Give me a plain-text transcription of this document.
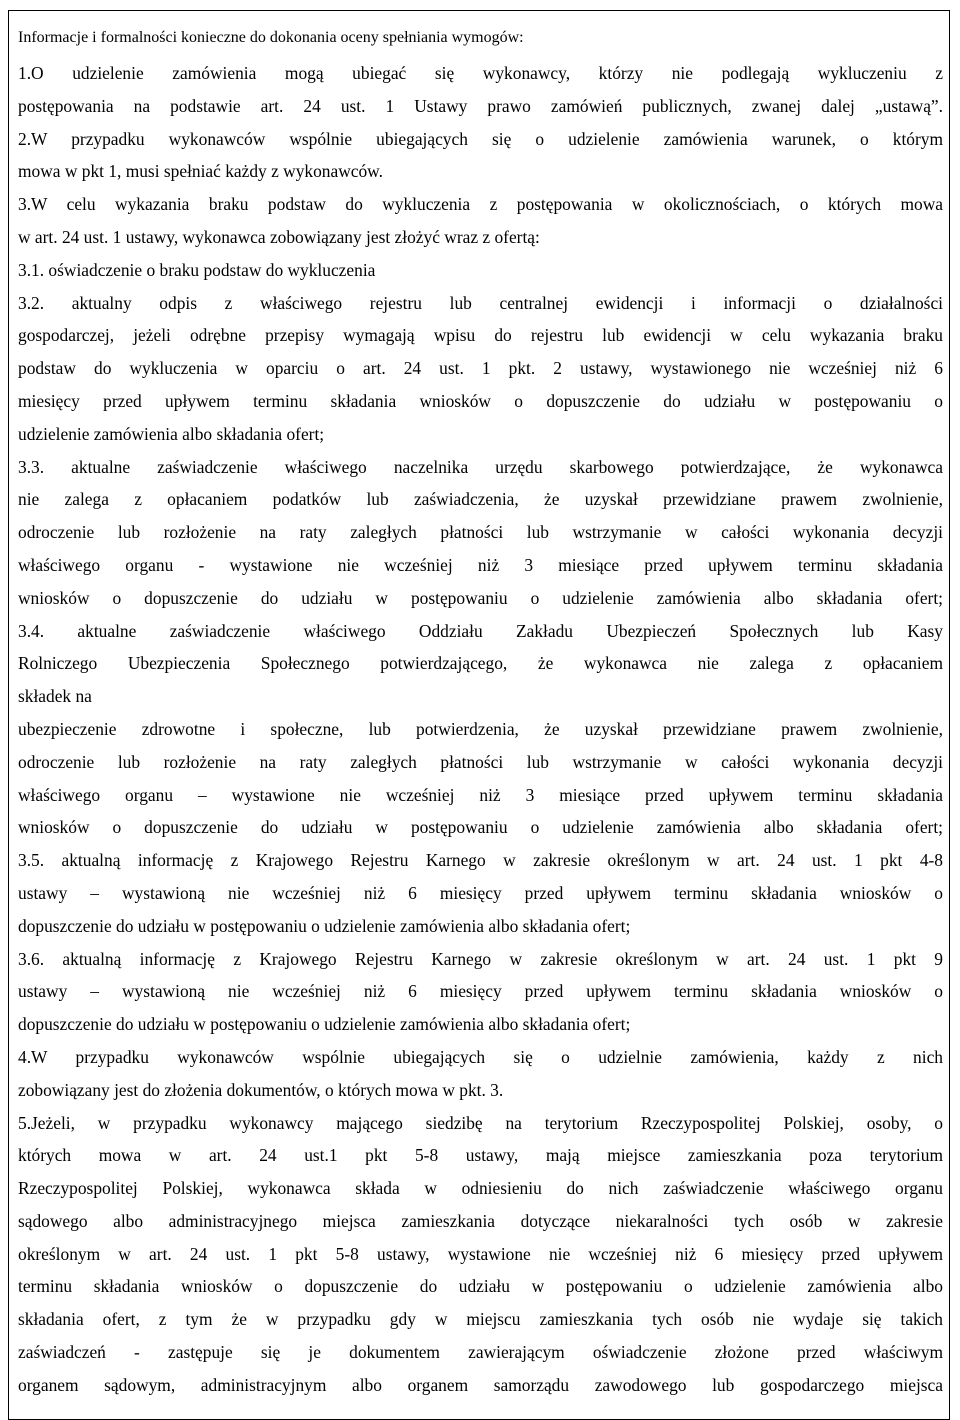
Informacje i formalności konieczne do dokonania oceny spełniania wymogów:
1.O udzielenie zamówienia mogą ubiegać się wykonawcy, którzy nie podlegają wykluczeniu z
postępowania na podstawie art. 24 ust. 1 Ustawy prawo zamówień publicznych, zwanej dalej „ustawą”.
2.W przypadku wykonawców wspólnie ubiegających się o udzielenie zamówienia warunek, o którym
mowa w pkt 1, musi spełniać każdy z wykonawców.
3.W celu wykazania braku podstaw do wykluczenia z postępowania w okolicznościach, o których mowa
w art. 24 ust. 1 ustawy, wykonawca zobowiązany jest złożyć wraz z ofertą:
3.1. oświadczenie o braku podstaw do wykluczenia
3.2. aktualny odpis z właściwego rejestru lub centralnej ewidencji i informacji o działalności
gospodarczej, jeżeli odrębne przepisy wymagają wpisu do rejestru lub ewidencji w celu wykazania braku
podstaw do wykluczenia w oparciu o art. 24 ust. 1 pkt. 2 ustawy, wystawionego nie wcześniej niż 6
miesięcy przed upływem terminu składania wniosków o dopuszczenie do udziału w postępowaniu o
udzielenie zamówienia albo składania ofert;
3.3. aktualne zaświadczenie właściwego naczelnika urzędu skarbowego potwierdzające, że wykonawca
nie zalega z opłacaniem podatków lub zaświadczenia, że uzyskał przewidziane prawem zwolnienie,
odroczenie lub rozłożenie na raty zaległych płatności lub wstrzymanie w całości wykonania decyzji
właściwego organu - wystawione nie wcześniej niż 3 miesiące przed upływem terminu składania
wniosków o dopuszczenie do udziału w postępowaniu o udzielenie zamówienia albo składania ofert;
3.4. aktualne zaświadczenie właściwego Oddziału Zakładu Ubezpieczeń Społecznych lub Kasy
Rolniczego Ubezpieczenia Społecznego potwierdzającego, że wykonawca nie zalega z opłacaniem
składek na
ubezpieczenie zdrowotne i społeczne, lub potwierdzenia, że uzyskał przewidziane prawem zwolnienie,
odroczenie lub rozłożenie na raty zaległych płatności lub wstrzymanie w całości wykonania decyzji
właściwego organu – wystawione nie wcześniej niż 3 miesiące przed upływem terminu składania
wniosków o dopuszczenie do udziału w postępowaniu o udzielenie zamówienia albo składania ofert;
3.5. aktualną informację z Krajowego Rejestru Karnego w zakresie określonym w art. 24 ust. 1 pkt 4-8
ustawy – wystawioną nie wcześniej niż 6 miesięcy przed upływem terminu składania wniosków o
dopuszczenie do udziału w postępowaniu o udzielenie zamówienia albo składania ofert;
3.6. aktualną informację z Krajowego Rejestru Karnego w zakresie określonym w art. 24 ust. 1 pkt 9
ustawy – wystawioną nie wcześniej niż 6 miesięcy przed upływem terminu składania wniosków o
dopuszczenie do udziału w postępowaniu o udzielenie zamówienia albo składania ofert;
4.W przypadku wykonawców wspólnie ubiegających się o udzielnie zamówienia, każdy z nich
zobowiązany jest do złożenia dokumentów, o których mowa w pkt. 3.
5.Jeżeli, w przypadku wykonawcy mającego siedzibę na terytorium Rzeczypospolitej Polskiej, osoby, o
których mowa w art. 24 ust.1 pkt 5-8 ustawy, mają miejsce zamieszkania poza terytorium
Rzeczypospolitej Polskiej, wykonawca składa w odniesieniu do nich zaświadczenie właściwego organu
sądowego albo administracyjnego miejsca zamieszkania dotyczące niekaralności tych osób w zakresie
określonym w art. 24 ust. 1 pkt 5-8 ustawy, wystawione nie wcześniej niż 6 miesięcy przed upływem
terminu składania wniosków o dopuszczenie do udziału w postępowaniu o udzielenie zamówienia albo
składania ofert, z tym że w przypadku gdy w miejscu zamieszkania tych osób nie wydaje się takich
zaświadczeń - zastępuje się je dokumentem zawierającym oświadczenie złożone przed właściwym
organem sądowym, administracyjnym albo organem samorządu zawodowego lub gospodarczego miejsca
